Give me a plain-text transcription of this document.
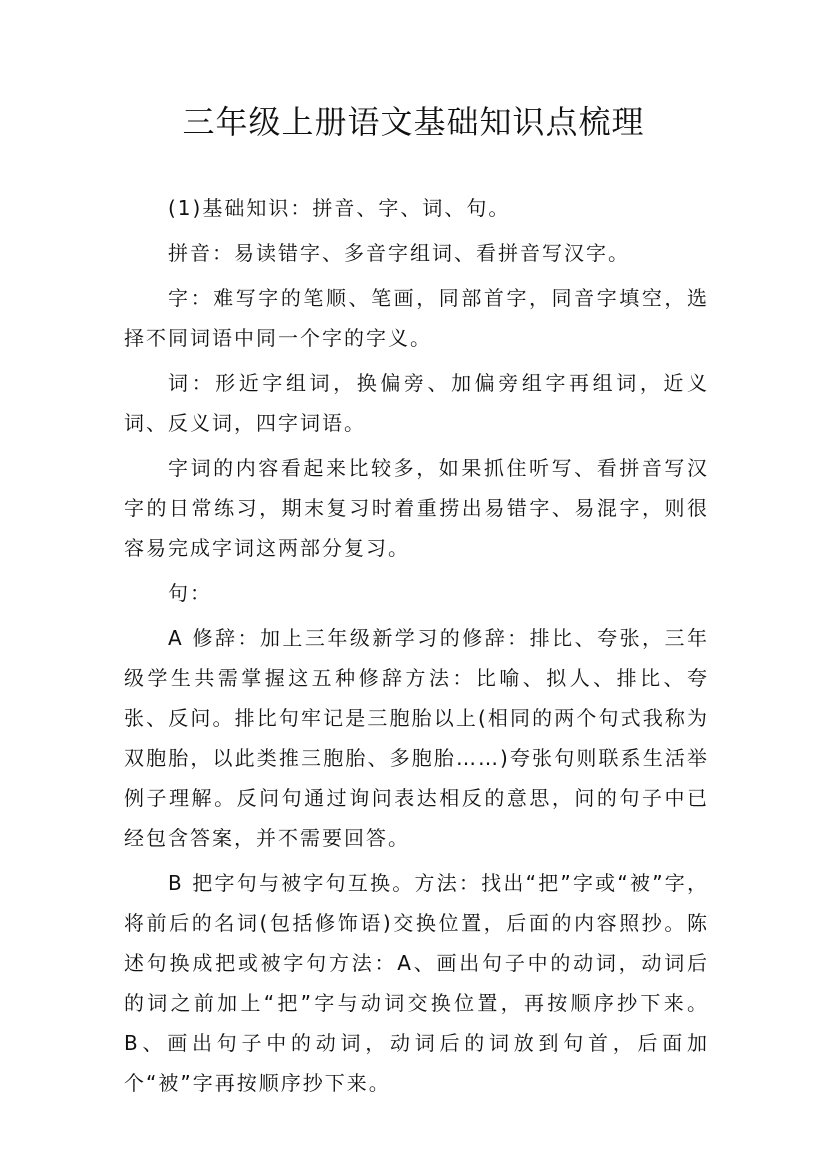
三年级上册语文基础知识点梳理

(1)基础知识：拼音、字、词、句。

拼音：易读错字、多音字组词、看拼音写汉字。

字：难写字的笔顺、笔画，同部首字，同音字填空，选择不同词语中同一个字的字义。

词：形近字组词，换偏旁、加偏旁组字再组词，近义词、反义词，四字词语。

字词的内容看起来比较多，如果抓住听写、看拼音写汉字的日常练习，期末复习时着重捞出易错字、易混字，则很容易完成字词这两部分复习。

句：

A 修辞：加上三年级新学习的修辞：排比、夸张，三年级学生共需掌握这五种修辞方法：比喻、拟人、排比、夸张、反问。排比句牢记是三胞胎以上(相同的两个句式我称为双胞胎，以此类推三胞胎、多胞胎……)夸张句则联系生活举例子理解。反问句通过询问表达相反的意思，问的句子中已经包含答案，并不需要回答。

B 把字句与被字句互换。方法：找出“把”字或“被”字，将前后的名词(包括修饰语)交换位置，后面的内容照抄。陈述句换成把或被字句方法：A、画出句子中的动词，动词后的词之前加上“把”字与动词交换位置，再按顺序抄下来。B、画出句子中的动词，动词后的词放到句首，后面加个“被”字再按顺序抄下来。
